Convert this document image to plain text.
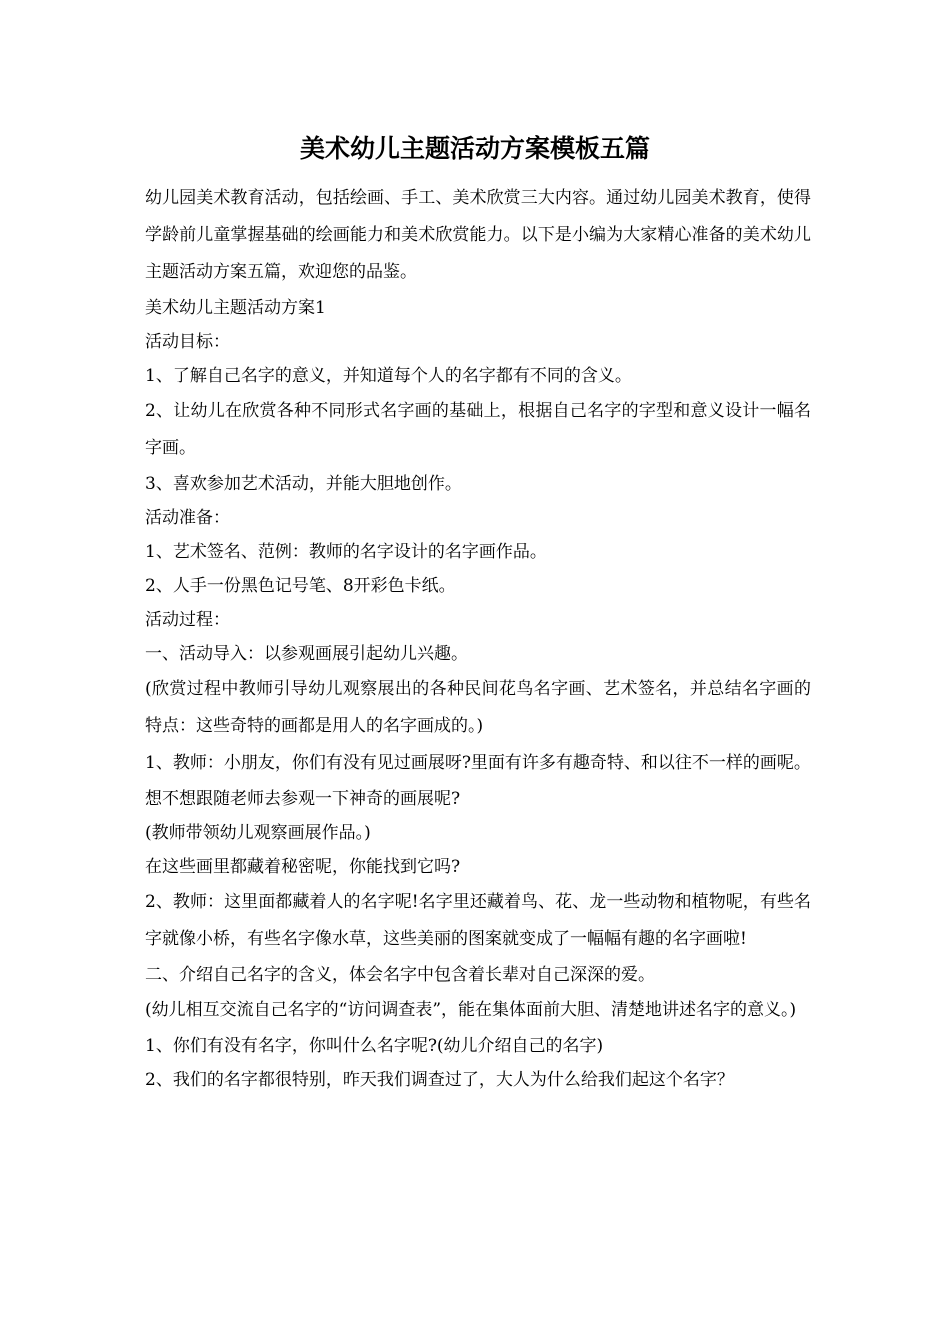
美术幼儿主题活动方案模板五篇

幼儿园美术教育活动，包括绘画、手工、美术欣赏三大内容。通过幼儿园美术教育，使得学龄前儿童掌握基础的绘画能力和美术欣赏能力。以下是小编为大家精心准备的美术幼儿主题活动方案五篇，欢迎您的品鉴。

美术幼儿主题活动方案1

活动目标：

1、了解自己名字的意义，并知道每个人的名字都有不同的含义。

2、让幼儿在欣赏各种不同形式名字画的基础上，根据自己名字的字型和意义设计一幅名字画。

3、喜欢参加艺术活动，并能大胆地创作。

活动准备：

1、艺术签名、范例：教师的名字设计的名字画作品。

2、人手一份黑色记号笔、8开彩色卡纸。

活动过程：

一、活动导入：以参观画展引起幼儿兴趣。

(欣赏过程中教师引导幼儿观察展出的各种民间花鸟名字画、艺术签名，并总结名字画的特点：这些奇特的画都是用人的名字画成的。)

1、教师：小朋友，你们有没有见过画展呀?里面有许多有趣奇特、和以往不一样的画呢。

想不想跟随老师去参观一下神奇的画展呢?

(教师带领幼儿观察画展作品。)

在这些画里都藏着秘密呢，你能找到它吗?

2、教师：这里面都藏着人的名字呢!名字里还藏着鸟、花、龙一些动物和植物呢，有些名字就像小桥，有些名字像水草，这些美丽的图案就变成了一幅幅有趣的名字画啦!

二、介绍自己名字的含义，体会名字中包含着长辈对自己深深的爱。

(幼儿相互交流自己名字的“访问调查表”，能在集体面前大胆、清楚地讲述名字的意义。)

1、你们有没有名字，你叫什么名字呢?(幼儿介绍自己的名字)

2、我们的名字都很特别，昨天我们调查过了，大人为什么给我们起这个名字？
